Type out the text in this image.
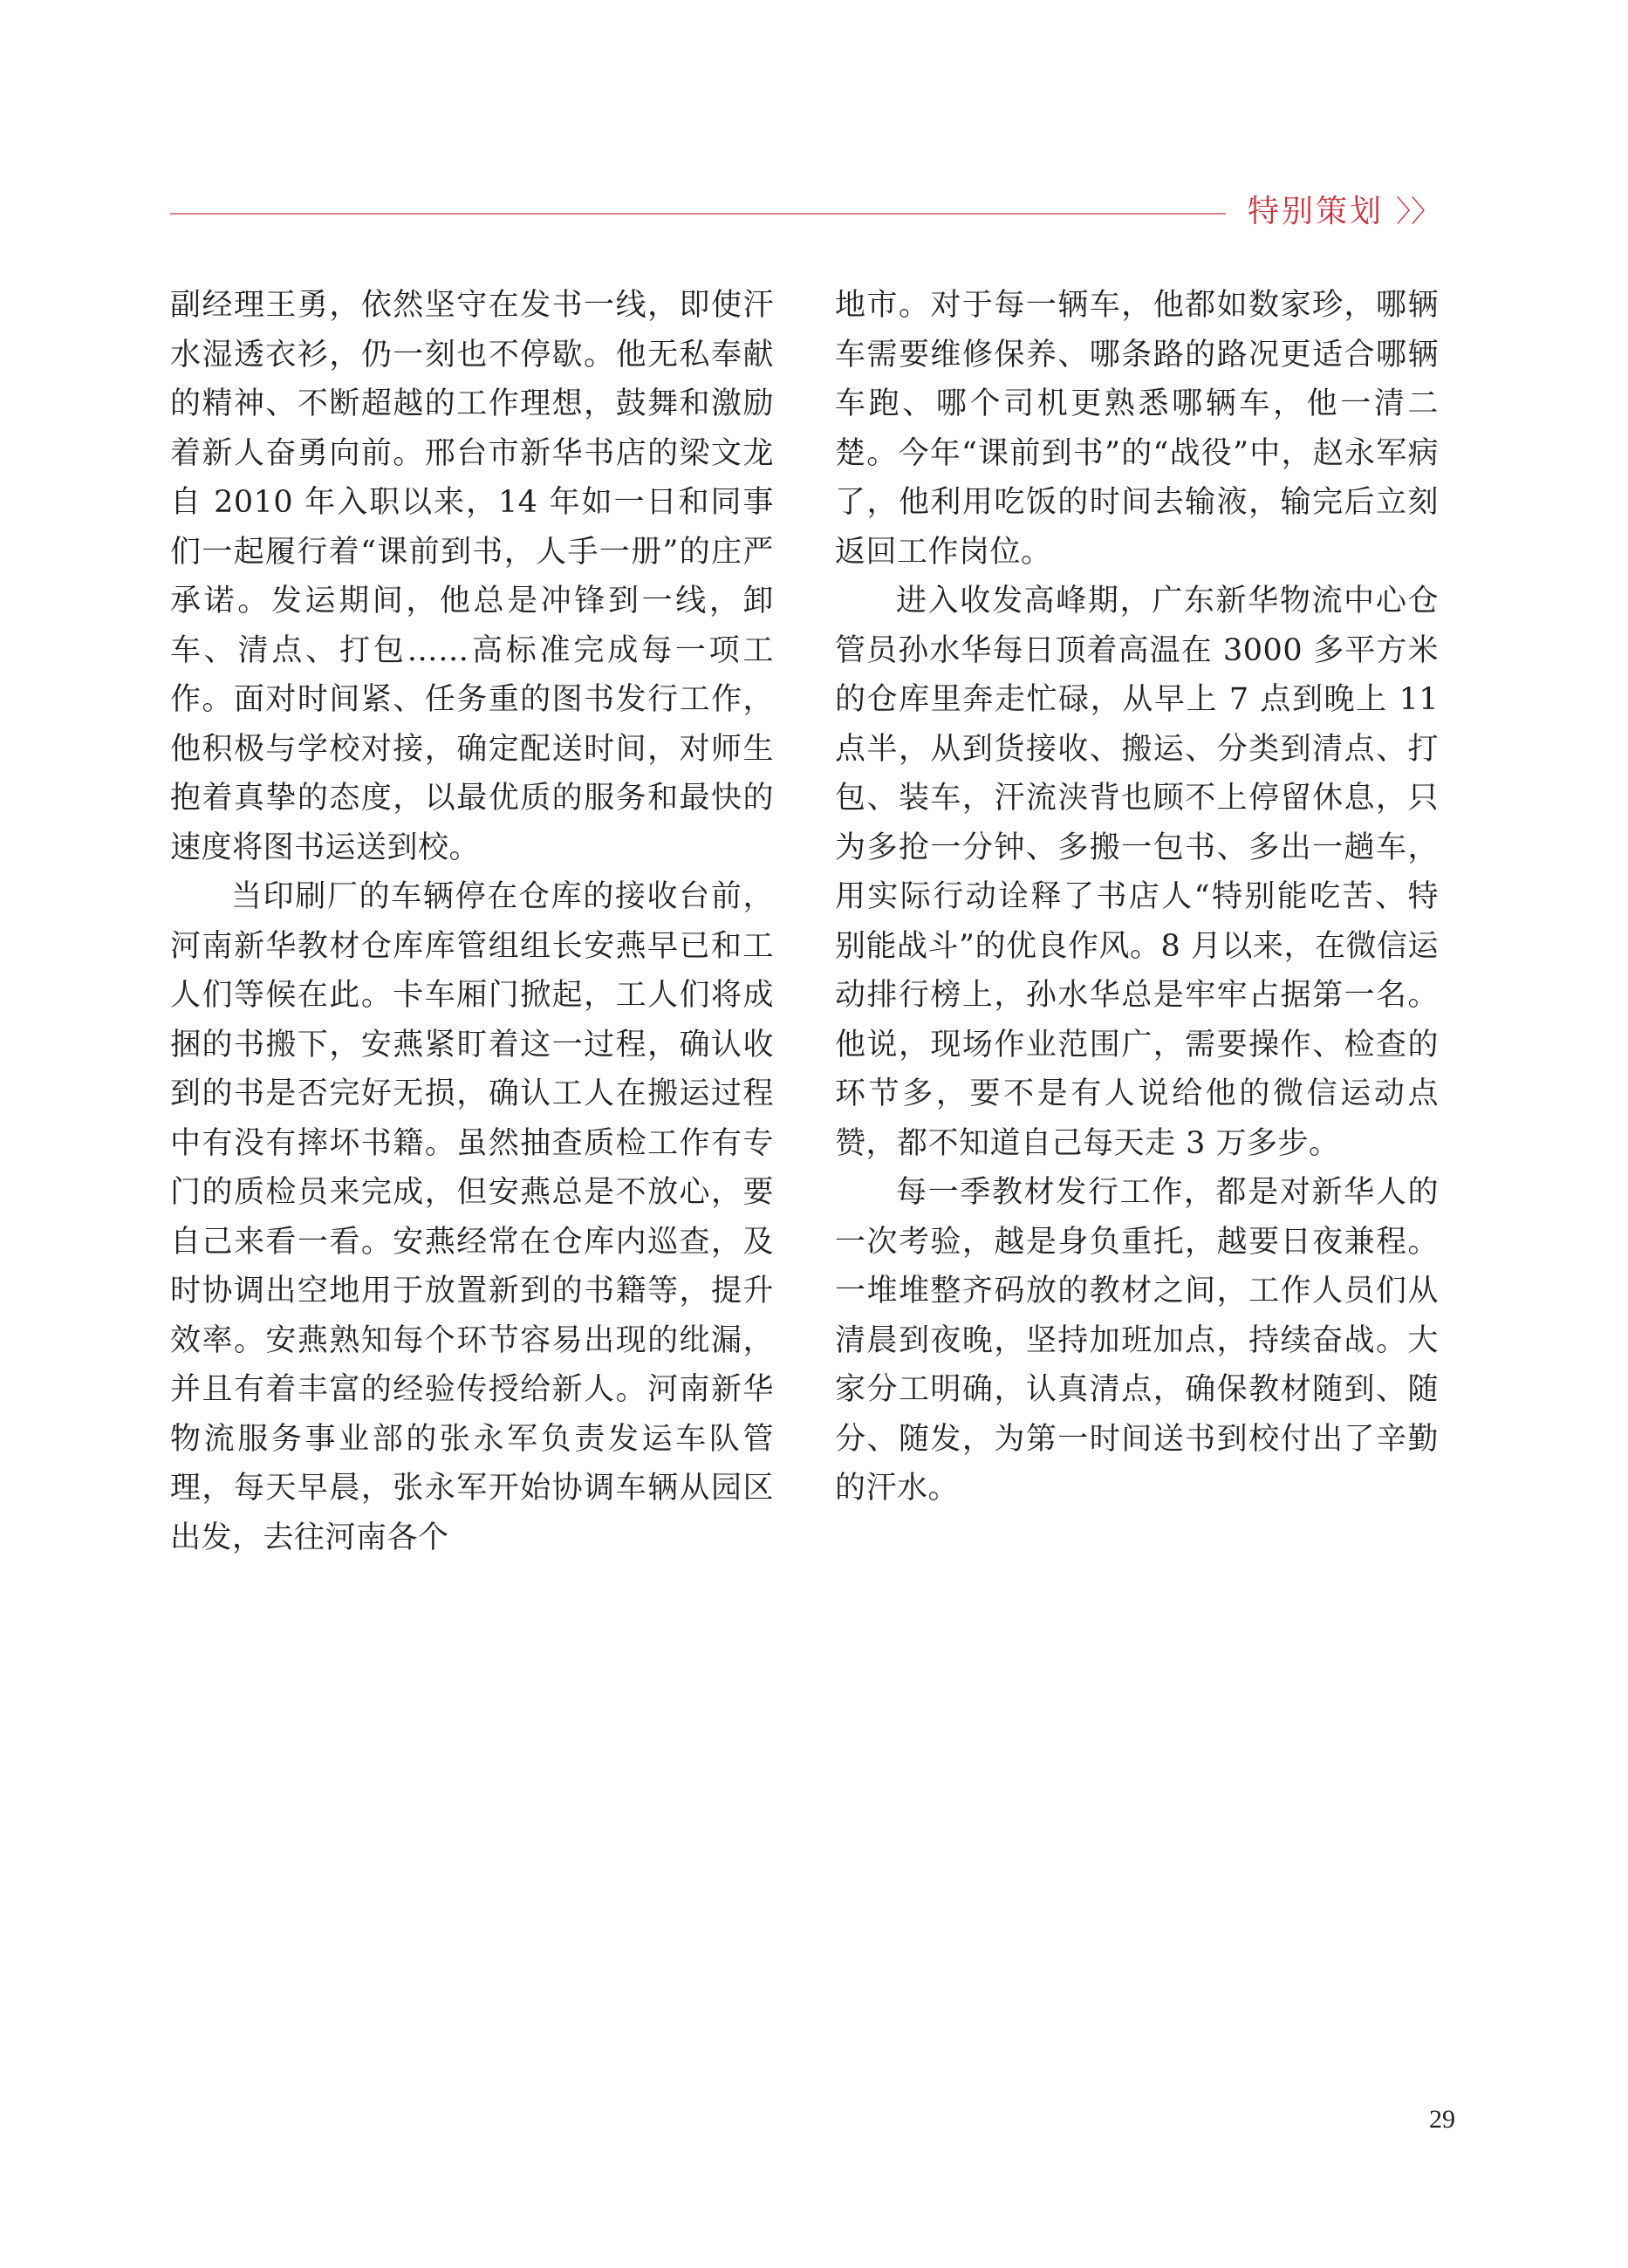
特别策划 〉〉

副经理王勇，依然坚守在发书一线，即使汗水湿透衣衫，仍一刻也不停歇。他无私奉献的精神、不断超越的工作理想，鼓舞和激励着新人奋勇向前。邢台市新华书店的梁文龙自 2010 年入职以来，14 年如一日和同事们一起履行着“课前到书，人手一册”的庄严承诺。发运期间，他总是冲锋到一线，卸车、清点、打包……高标准完成每一项工作。面对时间紧、任务重的图书发行工作，他积极与学校对接，确定配送时间，对师生抱着真挚的态度，以最优质的服务和最快的速度将图书运送到校。

当印刷厂的车辆停在仓库的接收台前，河南新华教材仓库库管组组长安燕早已和工人们等候在此。卡车厢门掀起，工人们将成捆的书搬下，安燕紧盯着这一过程，确认收到的书是否完好无损，确认工人在搬运过程中有没有摔坏书籍。虽然抽查质检工作有专门的质检员来完成，但安燕总是不放心，要自己来看一看。安燕经常在仓库内巡查，及时协调出空地用于放置新到的书籍等，提升效率。安燕熟知每个环节容易出现的纰漏，并且有着丰富的经验传授给新人。河南新华物流服务事业部的张永军负责发运车队管理，每天早晨，张永军开始协调车辆从园区出发，去往河南各个

地市。对于每一辆车，他都如数家珍，哪辆车需要维修保养、哪条路的路况更适合哪辆车跑、哪个司机更熟悉哪辆车，他一清二楚。今年“课前到书”的“战役”中，赵永军病了，他利用吃饭的时间去输液，输完后立刻返回工作岗位。

进入收发高峰期，广东新华物流中心仓管员孙水华每日顶着高温在 3000 多平方米的仓库里奔走忙碌，从早上 7 点到晚上 11 点半，从到货接收、搬运、分类到清点、打包、装车，汗流浃背也顾不上停留休息，只为多抢一分钟、多搬一包书、多出一趟车，用实际行动诠释了书店人“特别能吃苦、特别能战斗”的优良作风。8 月以来，在微信运动排行榜上，孙水华总是牢牢占据第一名。他说，现场作业范围广，需要操作、检查的环节多，要不是有人说给他的微信运动点赞，都不知道自己每天走 3 万多步。

每一季教材发行工作，都是对新华人的一次考验，越是身负重托，越要日夜兼程。一堆堆整齐码放的教材之间，工作人员们从清晨到夜晚，坚持加班加点，持续奋战。大家分工明确，认真清点，确保教材随到、随分、随发，为第一时间送书到校付出了辛勤的汗水。

29
